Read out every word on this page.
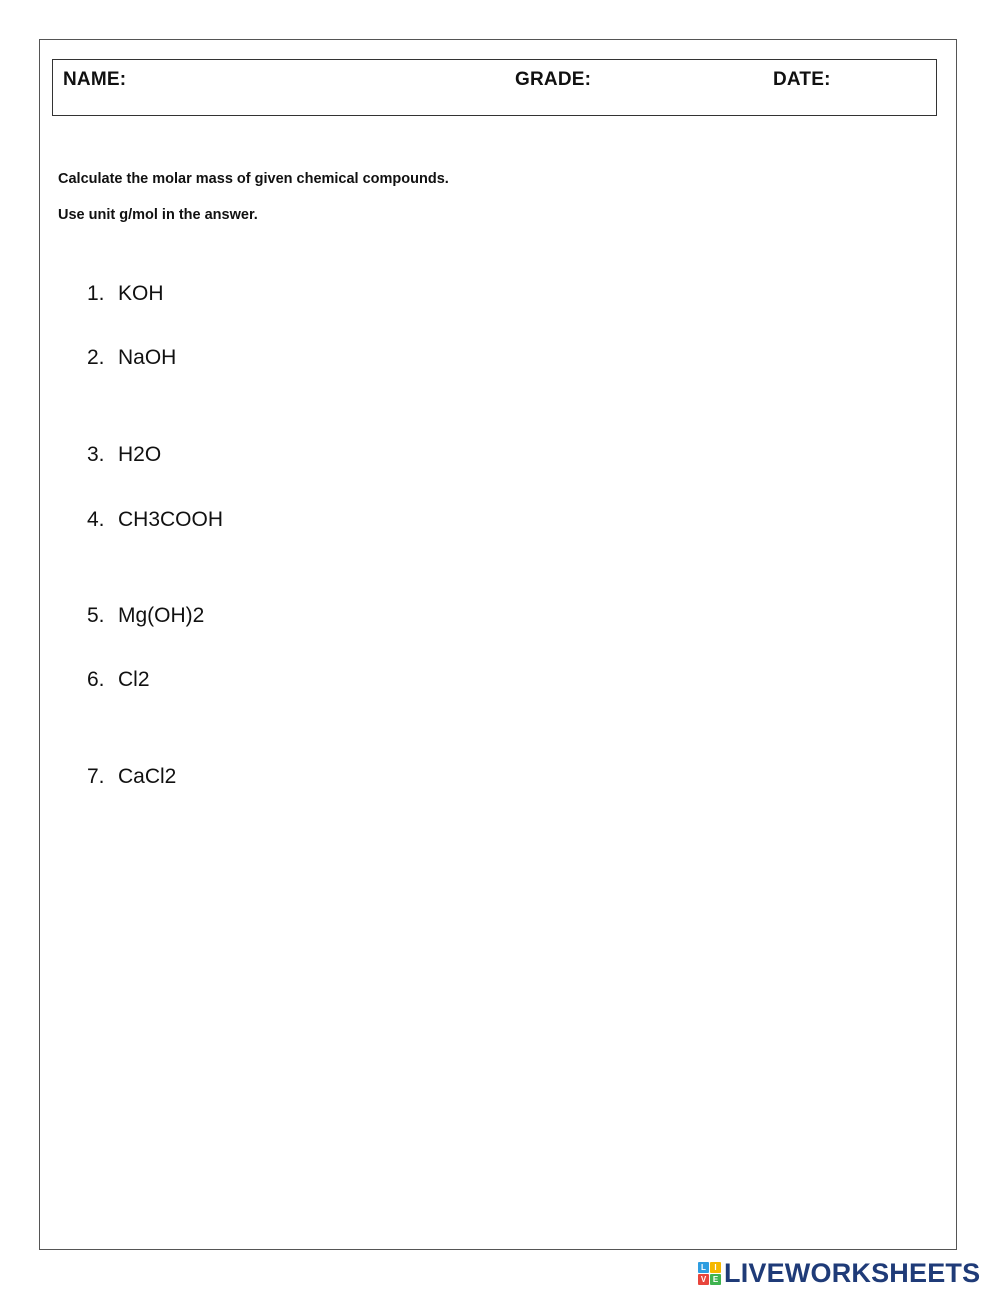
NAME:	GRADE:	DATE:
Calculate the molar mass of given chemical compounds.
Use unit g/mol in the answer.
1. KOH
2. NaOH
3. H2O
4. CH3COOH
5. Mg(OH)2
6. Cl2
7. CaCl2
L	I
V E LIVEWORKSHEETS
